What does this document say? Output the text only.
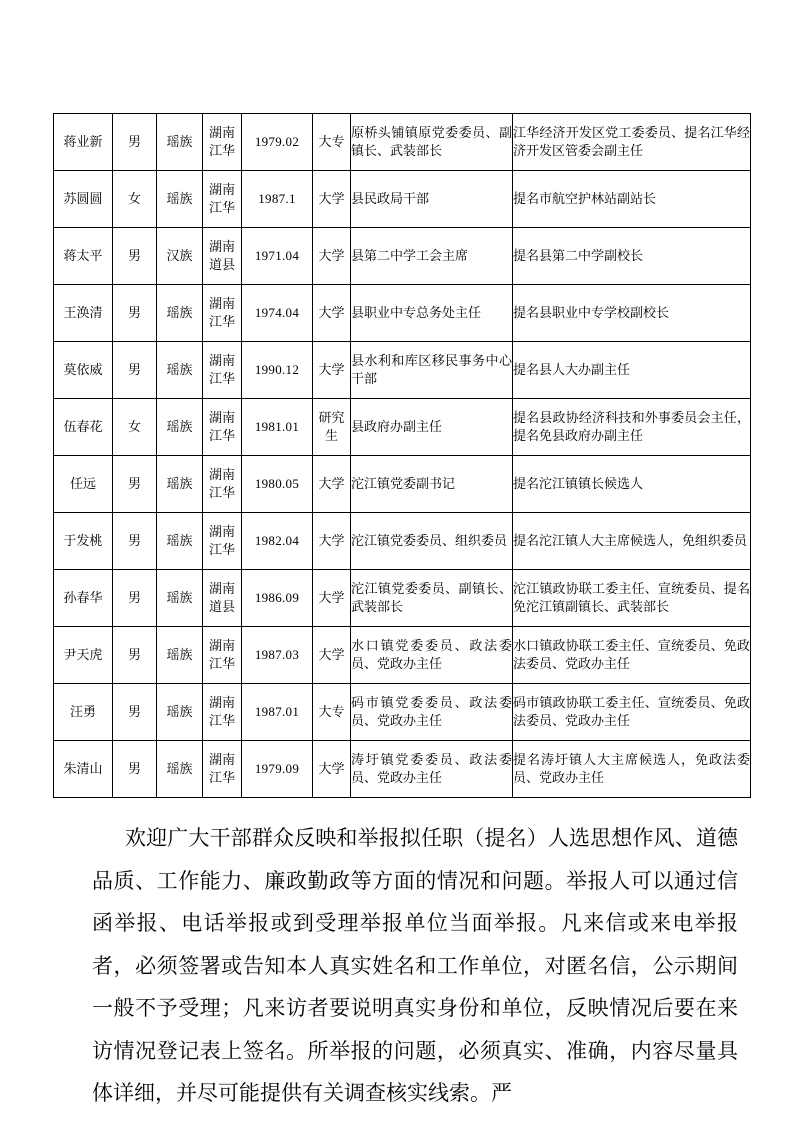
蒋业新	男	瑶族	湖南江华	1979.02	大专	原桥头铺镇原党委委员、副镇长、武装部长	江华经济开发区党工委委员、提名江华经济开发区管委会副主任
苏圆圆	女	瑶族	湖南江华	1987.1	大学	县民政局干部	提名市航空护林站副站长
蒋太平	男	汉族	湖南道县	1971.04	大学	县第二中学工会主席	提名县第二中学副校长
王涣清	男	瑶族	湖南江华	1974.04	大学	县职业中专总务处主任	提名县职业中专学校副校长
莫依威	男	瑶族	湖南江华	1990.12	大学	县水利和库区移民事务中心干部	提名县人大办副主任
伍春花	女	瑶族	湖南江华	1981.01	研究生	县政府办副主任	提名县政协经济科技和外事委员会主任，提名免县政府办副主任
任远	男	瑶族	湖南江华	1980.05	大学	沱江镇党委副书记	提名沱江镇镇长候选人
于发桃	男	瑶族	湖南江华	1982.04	大学	沱江镇党委委员、组织委员	提名沱江镇人大主席候选人，免组织委员
孙春华	男	瑶族	湖南道县	1986.09	大学	沱江镇党委委员、副镇长、武装部长	沱江镇政协联工委主任、宣统委员、提名免沱江镇副镇长、武装部长
尹天虎	男	瑶族	湖南江华	1987.03	大学	水口镇党委委员、政法委员、党政办主任	水口镇政协联工委主任、宣统委员、免政法委员、党政办主任
汪勇	男	瑶族	湖南江华	1987.01	大专	码市镇党委委员、政法委员、党政办主任	码市镇政协联工委主任、宣统委员、免政法委员、党政办主任
朱清山	男	瑶族	湖南江华	1979.09	大学	涛圩镇党委委员、政法委员、党政办主任	提名涛圩镇人大主席候选人，免政法委员、党政办主任

欢迎广大干部群众反映和举报拟任职（提名）人选思想作风、道德品质、工作能力、廉政勤政等方面的情况和问题。举报人可以通过信函举报、电话举报或到受理举报单位当面举报。凡来信或来电举报者，必须签署或告知本人真实姓名和工作单位，对匿名信，公示期间一般不予受理；凡来访者要说明真实身份和单位，反映情况后要在来访情况登记表上签名。所举报的问题，必须真实、准确，内容尽量具体详细，并尽可能提供有关调查核实线索。严
